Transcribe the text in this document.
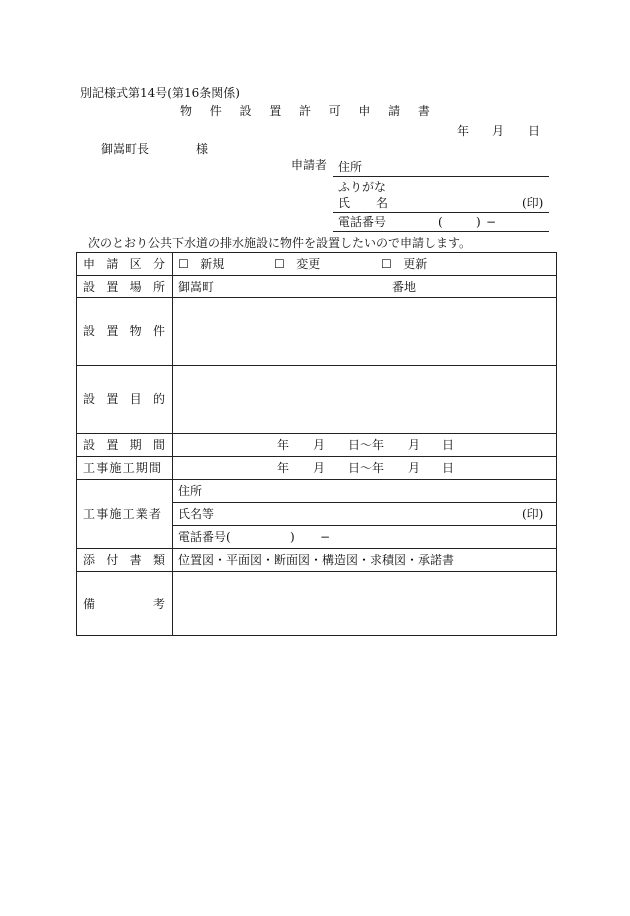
別記様式第14号(第16条関係)
物 件 設 置 許 可 申 請 書
年 月 日
御嵩町長	様
申請者 住所
ふりがな
氏 名	(印)
電話番号	(	) −
次のとおり公共下水道の排水施設に物件を設置したいので申請します。
申 請 区 分 ☐ 新規	☐ 変更	☐ 更新
設 置 場 所 御嵩町	番地
設 置 物 件
設 置 目 的
設 置 期 間	年 月 日〜年 月 日
工事施工期間	年 月 日〜年 月 日
工事施工業者
住所
氏名等	(印)
電話番号(	) −
添 付 書 類 位置図・平面図・断面図・構造図・求積図・承諾書
備	考
